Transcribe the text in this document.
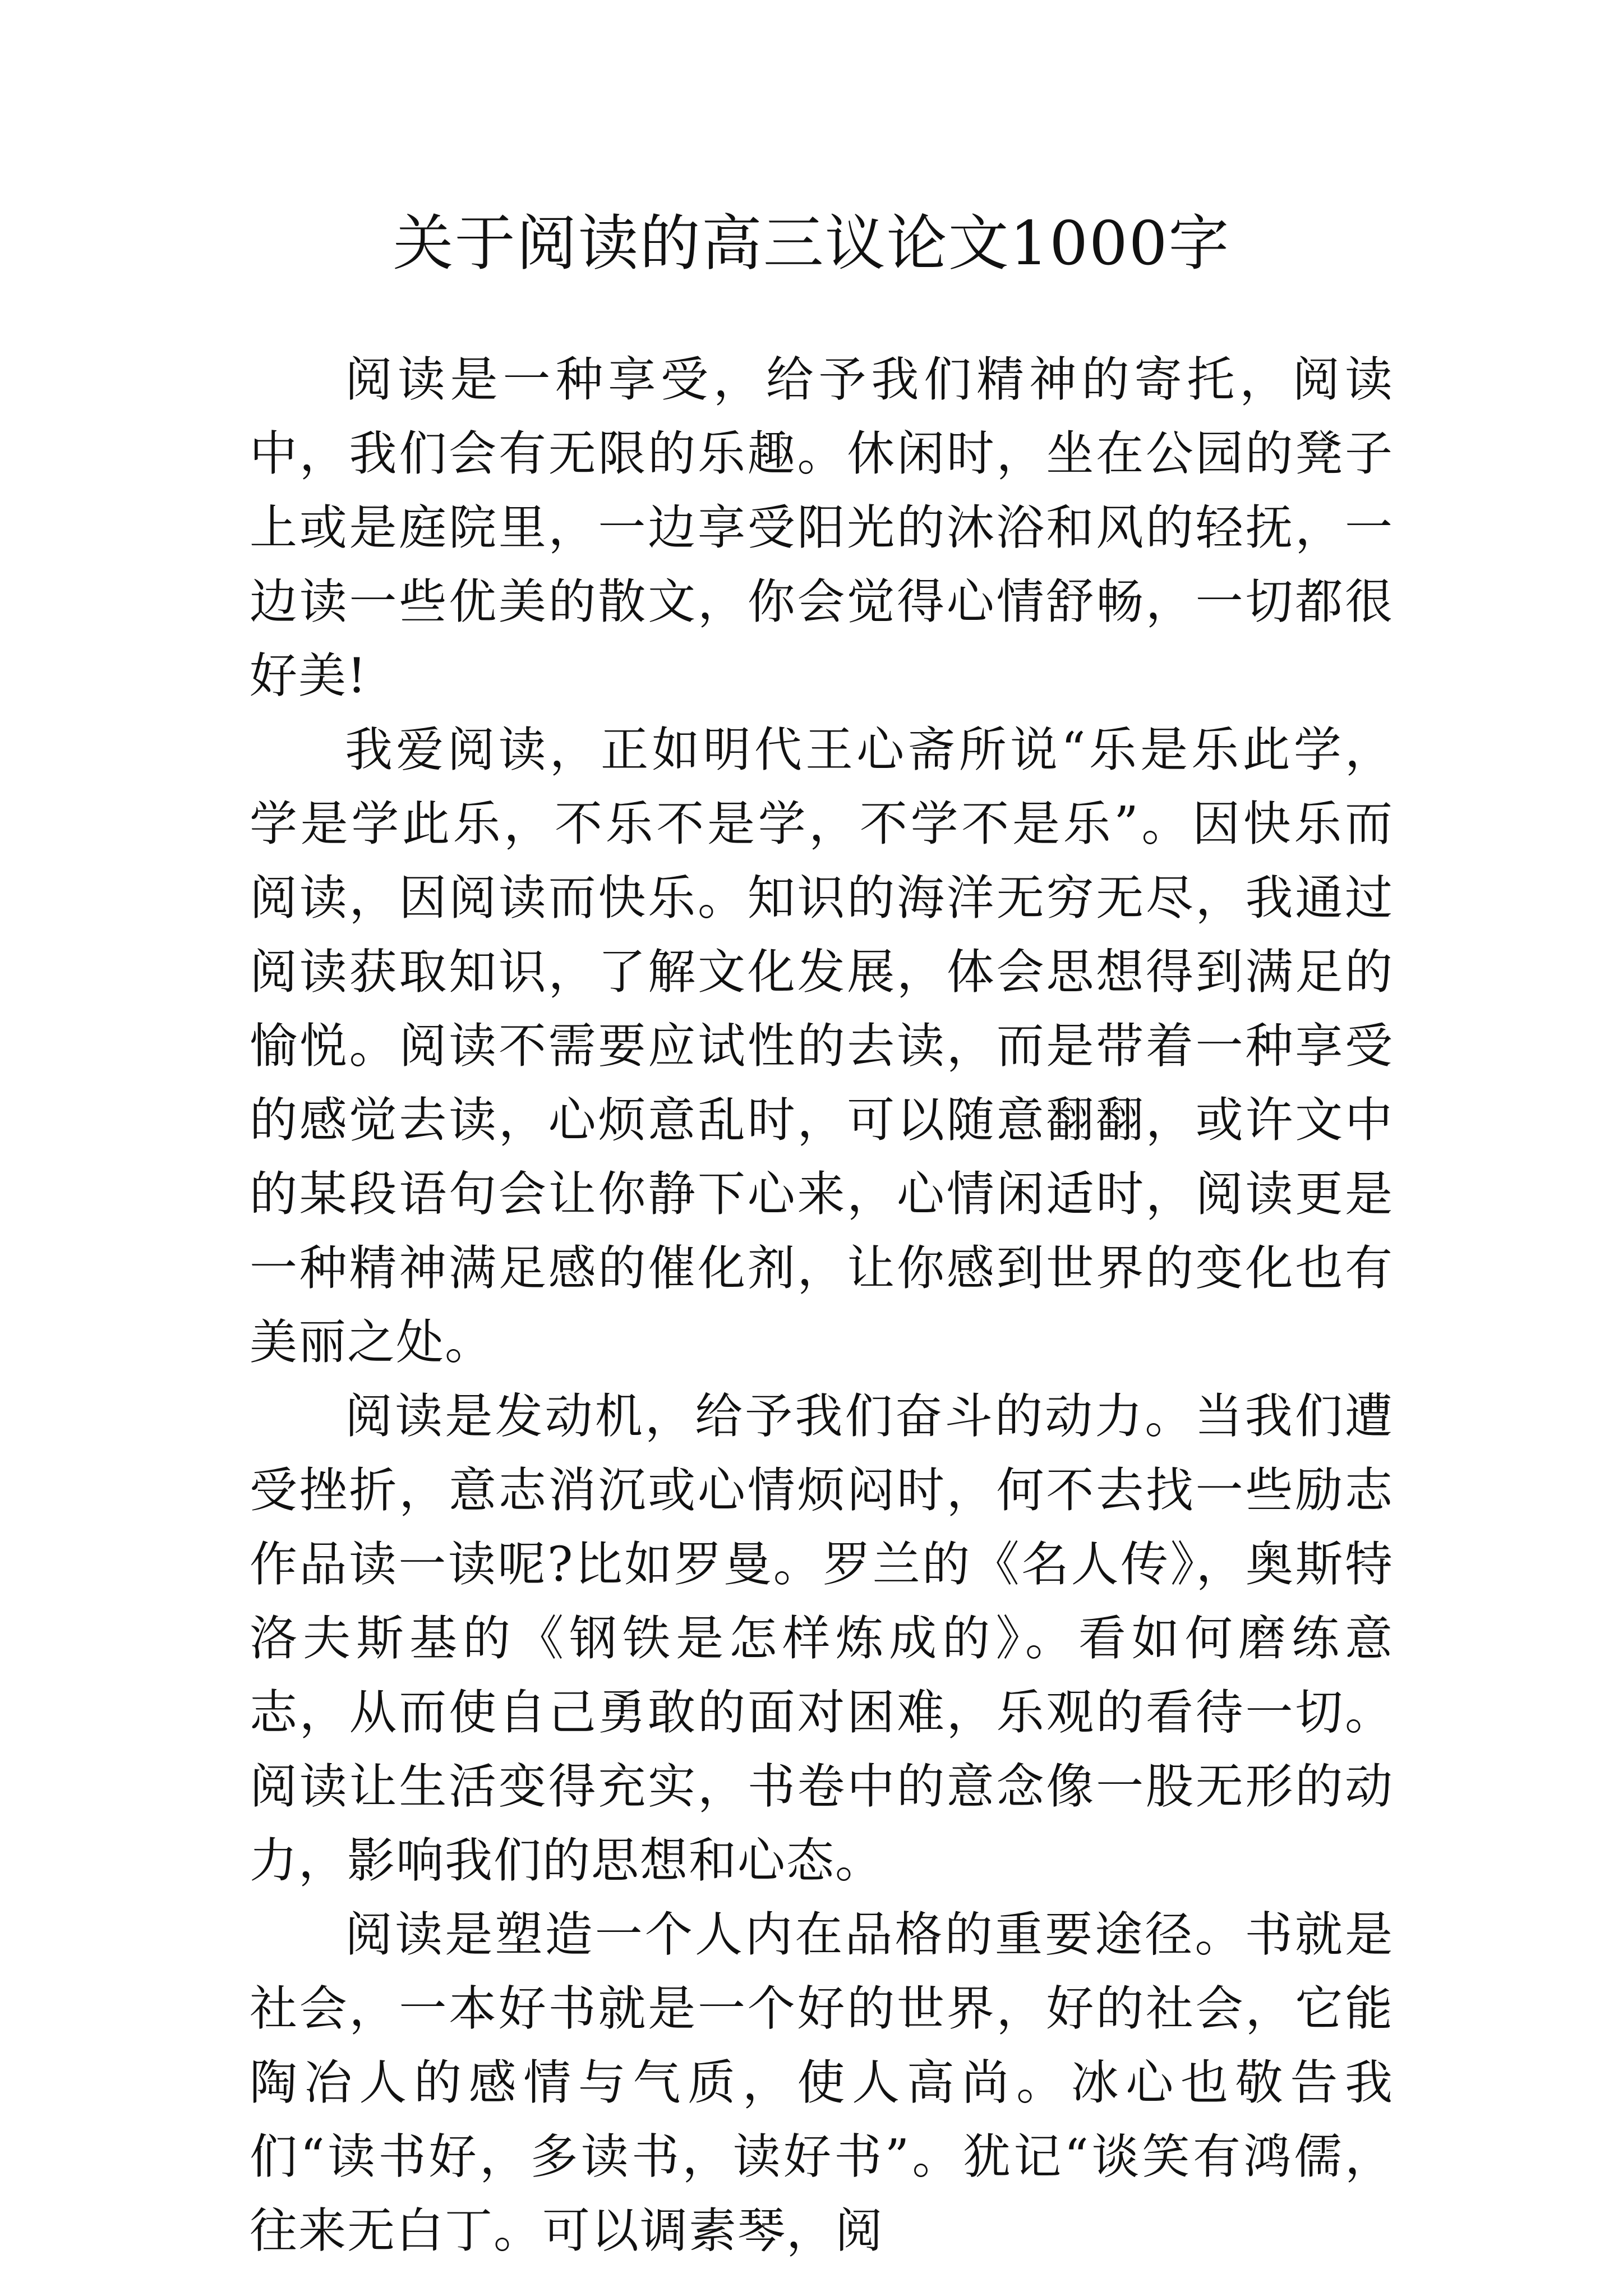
关于阅读的高三议论文1000字

阅读是一种享受，给予我们精神的寄托，阅读中，我们会有无限的乐趣。休闲时，坐在公园的凳子上或是庭院里，一边享受阳光的沐浴和风的轻抚，一边读一些优美的散文，你会觉得心情舒畅，一切都很好美!

我爱阅读，正如明代王心斋所说“乐是乐此学，学是学此乐，不乐不是学，不学不是乐”。因快乐而阅读，因阅读而快乐。知识的海洋无穷无尽，我通过阅读获取知识，了解文化发展，体会思想得到满足的愉悦。阅读不需要应试性的去读，而是带着一种享受的感觉去读，心烦意乱时，可以随意翻翻，或许文中的某段语句会让你静下心来，心情闲适时，阅读更是一种精神满足感的催化剂，让你感到世界的变化也有美丽之处。

阅读是发动机，给予我们奋斗的动力。当我们遭受挫折，意志消沉或心情烦闷时，何不去找一些励志作品读一读呢?比如罗曼。罗兰的《名人传》，奥斯特洛夫斯基的《钢铁是怎样炼成的》。看如何磨练意志，从而使自己勇敢的面对困难，乐观的看待一切。阅读让生活变得充实，书卷中的意念像一股无形的动力，影响我们的思想和心态。

阅读是塑造一个人内在品格的重要途径。书就是社会，一本好书就是一个好的世界，好的社会，它能陶冶人的感情与气质，使人高尚。冰心也敬告我们“读书好，多读书，读好书”。犹记“谈笑有鸿儒，往来无白丁。可以调素琴，阅
